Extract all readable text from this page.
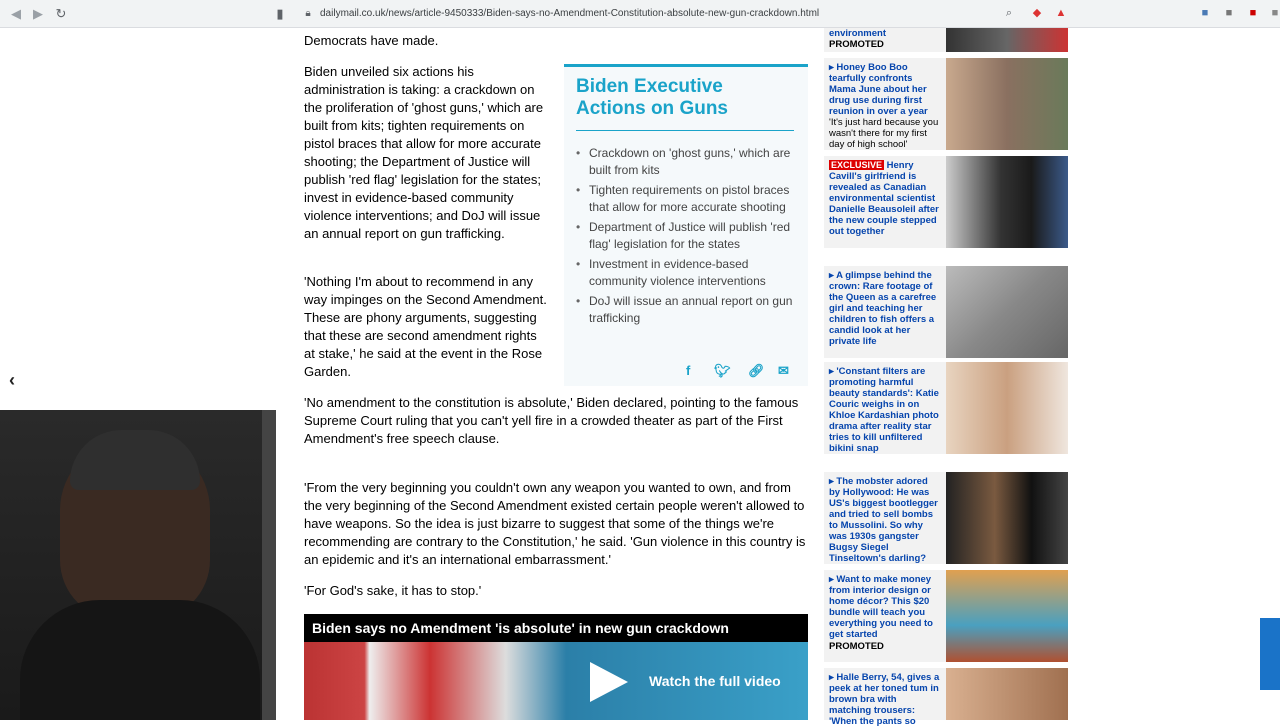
◀ ▶ ↻	▮	🔒︎ dailymail.co.uk/news/article-9450333/Biden-says-no-Amendment-Constitution-absolute-new-gun-crackdown.html	⌕	◆ ▲	■	■	■	■
Democrats have made.
Biden unveiled six actions his administration is taking: a crackdown on the proliferation of 'ghost guns,' which are built from kits; tighten requirements on pistol braces that allow for more accurate shooting; the Department of Justice will publish 'red flag' legislation for the states; invest in evidence-based community violence interventions; and DoJ will issue an annual report on gun trafficking.
'Nothing I'm about to recommend in any way impinges on the Second Amendment. These are phony arguments, suggesting that these are second amendment rights at stake,' he said at the event in the Rose Garden.
'No amendment to the constitution is absolute,' Biden declared, pointing to the famous Supreme Court ruling that you can't yell fire in a crowded theater as part of the First Amendment's free speech clause.
'From the very beginning you couldn't own any weapon you wanted to own, and from the very beginning of the Second Amendment existed certain people weren't allowed to have weapons. So the idea is just bizarre to suggest that some of the things we're recommending are contrary to the Constitution,' he said. 'Gun violence in this country is an epidemic and it's an international embarrassment.'
'For God's sake, it has to stop.'
Biden Executive Actions on Guns
• Crackdown on 'ghost guns,' which are built from kits
• Tighten requirements on pistol braces that allow for more accurate shooting
• Department of Justice will publish 'red flag' legislation for the states
• Investment in evidence-based community violence interventions
• DoJ will issue an annual report on gun trafficking
f 🐦︎ 🔗︎ ✉
Biden says no Amendment 'is absolute' in new gun crackdown
Watch the full video
environment
PROMOTED
▸ Honey Boo Boo tearfully confronts Mama June about her drug use during first reunion in over a year 'It's just hard because you wasn't there for my first day of high school'
EXCLUSIVE Henry Cavill's girlfriend is revealed as Canadian environmental scientist Danielle Beausoleil after the new couple stepped out together
▸ A glimpse behind the crown: Rare footage of the Queen as a carefree girl and teaching her children to fish offers a candid look at her private life
▸ 'Constant filters are promoting harmful beauty standards': Katie Couric weighs in on Khloe Kardashian photo drama after reality star tries to kill unfiltered bikini snap
▸ The mobster adored by Hollywood: He was US's biggest bootlegger and tried to sell bombs to Mussolini. So why was 1930s gangster Bugsy Siegel Tinseltown's darling?
▸ Want to make money from interior design or home décor? This $20 bundle will teach you everything you need to get started
PROMOTED
▸ Halle Berry, 54, gives a peek at her toned tum in brown bra with matching trousers: 'When the pants so
‹
